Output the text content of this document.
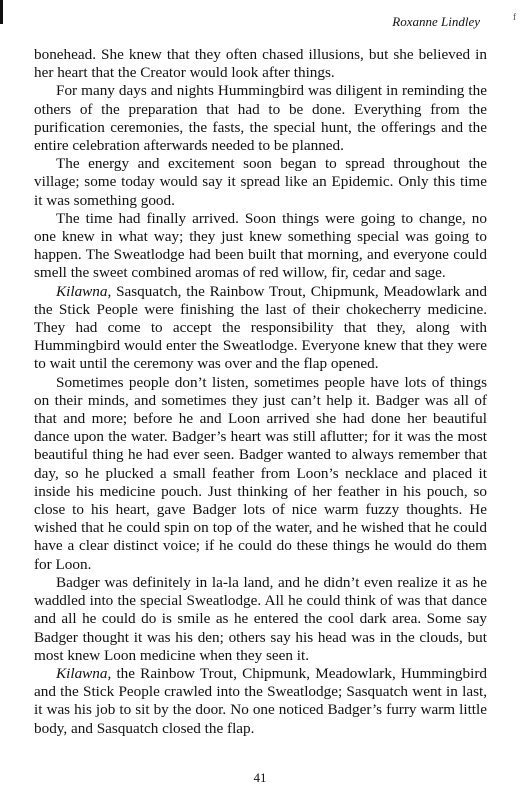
f
Roxanne Lindley

bonehead. She knew that they often chased illusions, but she believed in her heart that the Creator would look after things.

For many days and nights Hummingbird was diligent in reminding the others of the preparation that had to be done. Everything from the purification ceremonies, the fasts, the special hunt, the offerings and the entire celebration afterwards needed to be planned.

The energy and excitement soon began to spread throughout the village; some today would say it spread like an Epidemic. Only this time it was something good.

The time had finally arrived. Soon things were going to change, no one knew in what way; they just knew something special was going to happen. The Sweatlodge had been built that morning, and everyone could smell the sweet combined aromas of red willow, fir, cedar and sage.

Kilawna, Sasquatch, the Rainbow Trout, Chipmunk, Meadowlark and the Stick People were finishing the last of their chokecherry medicine. They had come to accept the responsibility that they, along with Hummingbird would enter the Sweatlodge. Everyone knew that they were to wait until the ceremony was over and the flap opened.

Sometimes people don’t listen, sometimes people have lots of things on their minds, and sometimes they just can’t help it. Badger was all of that and more; before he and Loon arrived she had done her beautiful dance upon the water. Badger’s heart was still aflutter; for it was the most beautiful thing he had ever seen. Badger wanted to always remember that day, so he plucked a small feather from Loon’s necklace and placed it inside his medicine pouch. Just thinking of her feather in his pouch, so close to his heart, gave Badger lots of nice warm fuzzy thoughts. He wished that he could spin on top of the water, and he wished that he could have a clear distinct voice; if he could do these things he would do them for Loon.

Badger was definitely in la-la land, and he didn’t even realize it as he waddled into the special Sweatlodge. All he could think of was that dance and all he could do is smile as he entered the cool dark area. Some say Badger thought it was his den; others say his head was in the clouds, but most knew Loon medicine when they seen it.

Kilawna, the Rainbow Trout, Chipmunk, Meadowlark, Hummingbird and the Stick People crawled into the Sweatlodge; Sasquatch went in last, it was his job to sit by the door. No one noticed Badger’s furry warm little body, and Sasquatch closed the flap.

41
